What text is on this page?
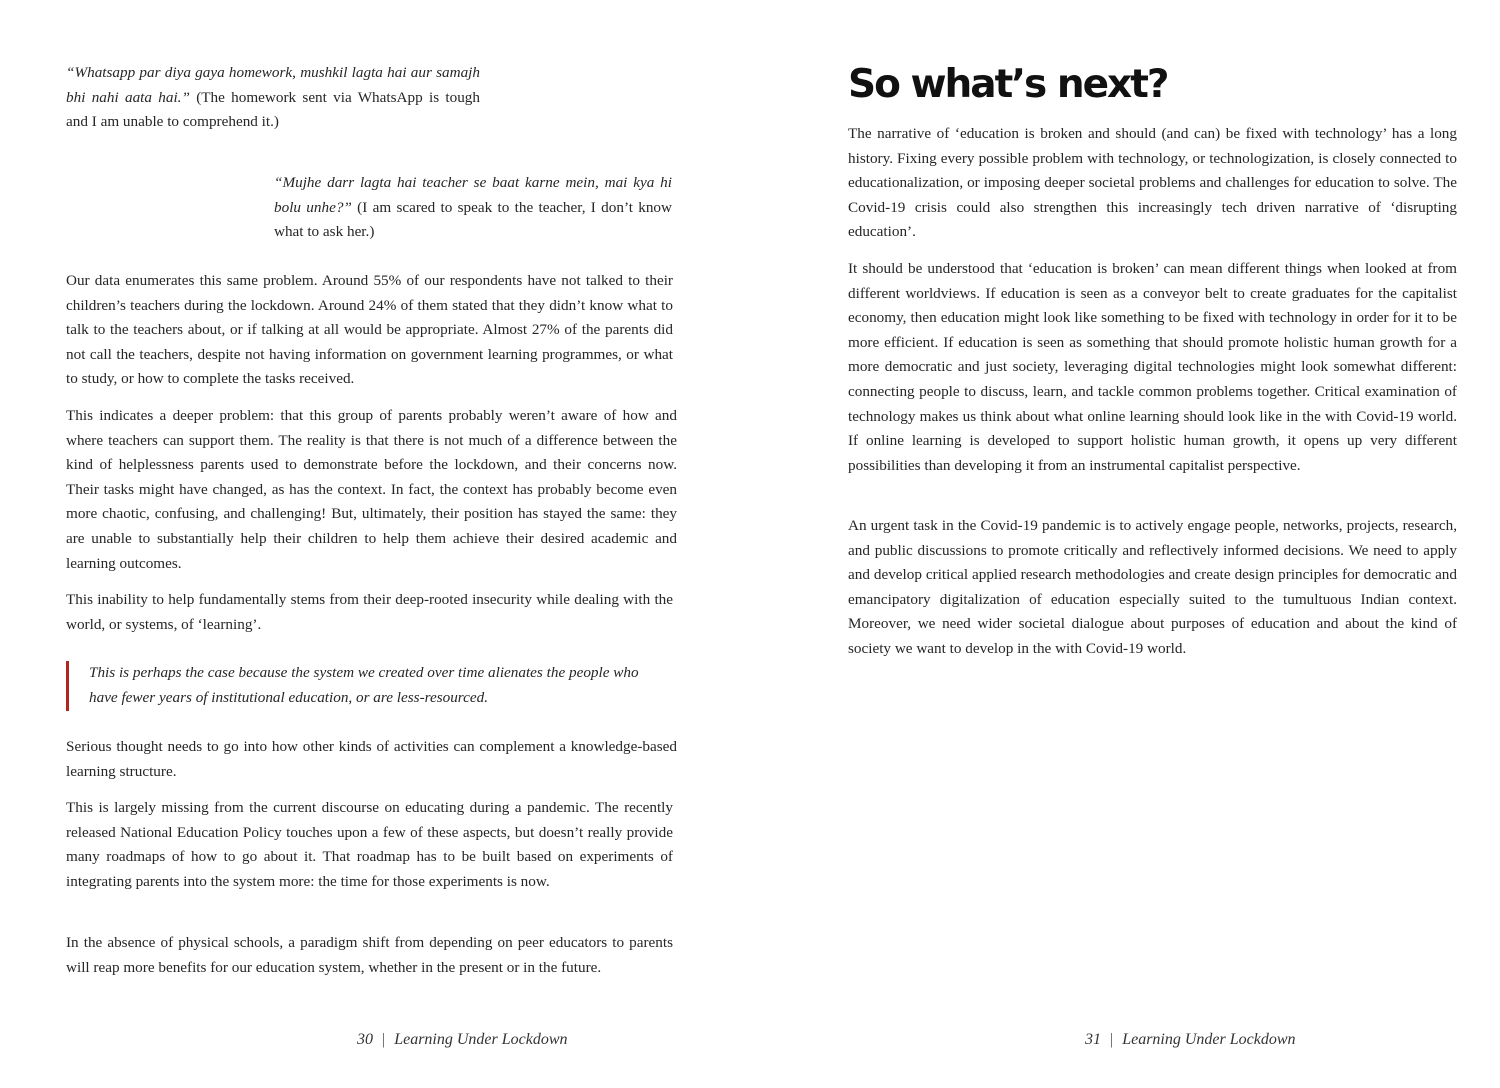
“Whatsapp par diya gaya homework, mushkil lagta hai aur samajh bhi nahi aata hai.” (The homework sent via WhatsApp is tough and I am unable to comprehend it.)

“Mujhe darr lagta hai teacher se baat karne mein, mai kya hi bolu unhe?” (I am scared to speak to the teacher, I don’t know what to ask her.)

Our data enumerates this same problem. Around 55% of our respondents have not talked to their children’s teachers during the lockdown. Around 24% of them stated that they didn’t know what to talk to the teachers about, or if talking at all would be appropriate. Almost 27% of the parents did not call the teachers, despite not having information on government learning programmes, or what to study, or how to complete the tasks received.

This indicates a deeper problem: that this group of parents probably weren’t aware of how and where teachers can support them. The reality is that there is not much of a difference between the kind of helplessness parents used to demonstrate before the lockdown, and their concerns now. Their tasks might have changed, as has the context. In fact, the context has probably become even more chaotic, confusing, and challenging! But, ultimately, their position has stayed the same: they are unable to substantially help their children to help them achieve their desired academic and learning outcomes.

This inability to help fundamentally stems from their deep-rooted insecurity while dealing with the world, or systems, of ‘learning’.

This is perhaps the case because the system we created over time alienates the people who have fewer years of institutional education, or are less-resourced.

Serious thought needs to go into how other kinds of activities can complement a knowledge-based learning structure.

This is largely missing from the current discourse on educating during a pandemic. The recently released National Education Policy touches upon a few of these aspects, but doesn’t really provide many roadmaps of how to go about it. That roadmap has to be built based on experiments of integrating parents into the system more: the time for those experiments is now.

In the absence of physical schools, a paradigm shift from depending on peer educators to parents will reap more benefits for our education system, whether in the present or in the future.

30 | Learning Under Lockdown
So what’s next?

The narrative of ‘education is broken and should (and can) be fixed with technology’ has a long history. Fixing every possible problem with technology, or technologization, is closely connected to educationalization, or imposing deeper societal problems and challenges for education to solve. The Covid-19 crisis could also strengthen this increasingly tech driven narrative of ‘disrupting education’.

It should be understood that ‘education is broken’ can mean different things when looked at from different worldviews. If education is seen as a conveyor belt to create graduates for the capitalist economy, then education might look like something to be fixed with technology in order for it to be more efficient. If education is seen as something that should promote holistic human growth for a more democratic and just society, leveraging digital technologies might look somewhat different: connecting people to discuss, learn, and tackle common problems together. Critical examination of technology makes us think about what online learning should look like in the with Covid-19 world. If online learning is developed to support holistic human growth, it opens up very different possibilities than developing it from an instrumental capitalist perspective.

An urgent task in the Covid-19 pandemic is to actively engage people, networks, projects, research, and public discussions to promote critically and reflectively informed decisions. We need to apply and develop critical applied research methodologies and create design principles for democratic and emancipatory digitalization of education especially suited to the tumultuous Indian context. Moreover, we need wider societal dialogue about purposes of education and about the kind of society we want to develop in the with Covid-19 world.

31 | Learning Under Lockdown
